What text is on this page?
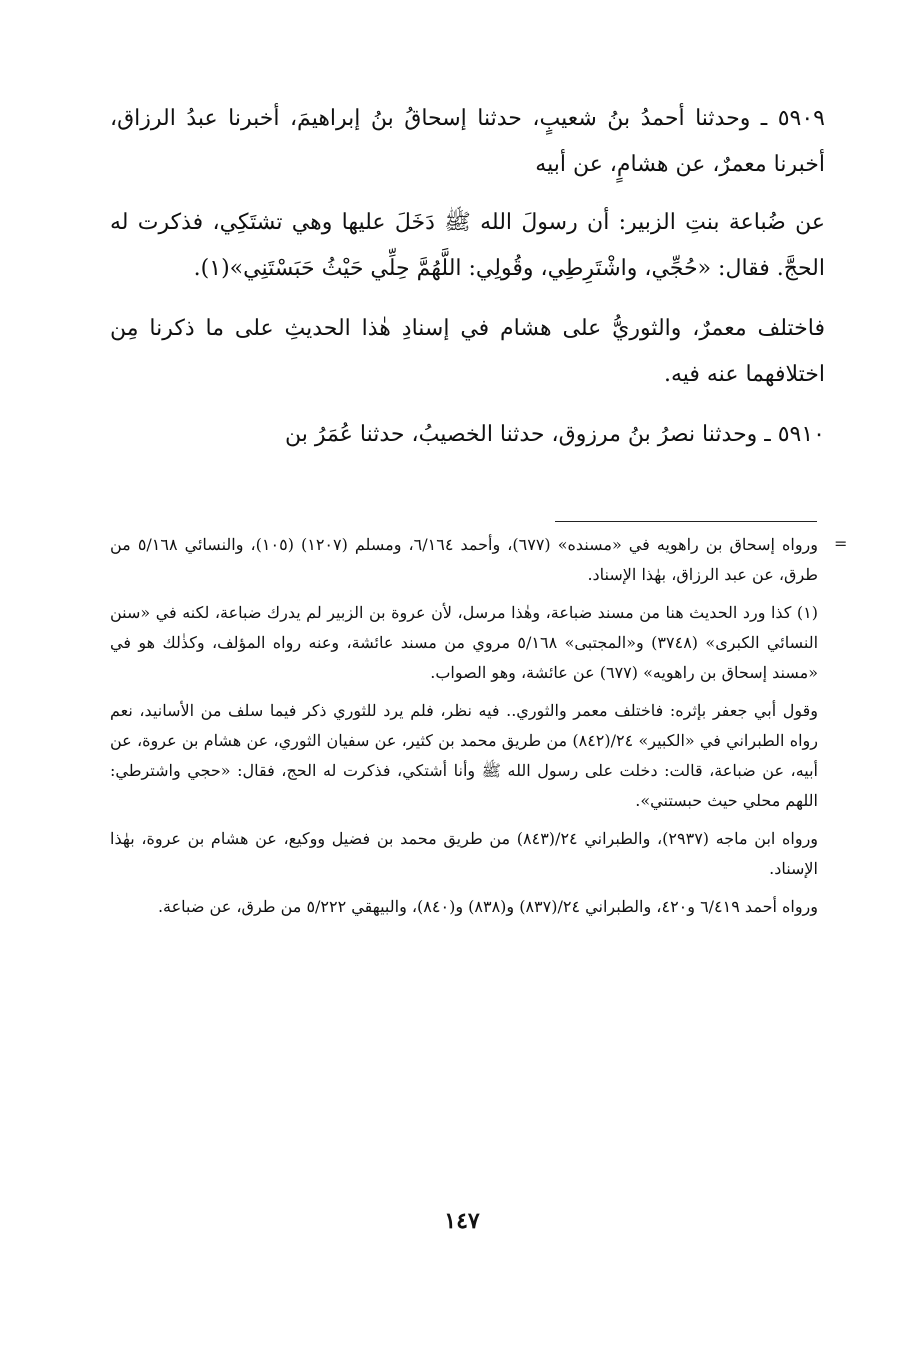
٥٩٠٩ ـ وحدثنا أحمدُ بنُ شعيبٍ، حدثنا إسحاقُ بنُ إبراهيمَ، أخبرنا عبدُ الرزاق، أخبرنا معمرٌ، عن هشامٍ، عن أبيه

عن ضُباعة بنتِ الزبير: أن رسولَ الله ﷺ دَخَلَ عليها وهي تشتَكِي، فذكرت له الحجَّ. فقال: «حُجِّي، واشْتَرِطِي، وقُولِي: اللَّهُمَّ حِلِّي حَيْثُ حَبَسْتَنِي»(١).

فاختلف معمرٌ، والثوريُّ على هشام في إسنادِ هٰذا الحديثِ على ما ذكرنا مِن اختلافهما عنه فيه.

٥٩١٠ ـ وحدثنا نصرُ بنُ مرزوق، حدثنا الخصيبُ، حدثنا عُمَرُ بن

=

ورواه إسحاق بن راهويه في «مسنده» (٦٧٧)، وأحمد ٦/١٦٤، ومسلم (١٢٠٧) (١٠٥)، والنسائي ٥/١٦٨ من طرق، عن عبد الرزاق، بهٰذا الإسناد.

(١) كذا ورد الحديث هنا من مسند ضباعة، وهٰذا مرسل، لأن عروة بن الزبير لم يدرك ضباعة، لكنه في «سنن النسائي الكبرى» (٣٧٤٨) و«المجتبى» ٥/١٦٨ مروي من مسند عائشة، وعنه رواه المؤلف، وكذٰلك هو في «مسند إسحاق بن راهويه» (٦٧٧) عن عائشة، وهو الصواب.

وقول أبي جعفر بإثره: فاختلف معمر والثوري.. فيه نظر، فلم يرد للثوري ذكر فيما سلف من الأسانيد، نعم رواه الطبراني في «الكبير» ٢٤/(٨٤٢) من طريق محمد بن كثير، عن سفيان الثوري، عن هشام بن عروة، عن أبيه، عن ضباعة، قالت: دخلت على رسول الله ﷺ وأنا أشتكي، فذكرت له الحج، فقال: «حجي واشترطي: اللهم محلي حيث حبستني».

ورواه ابن ماجه (٢٩٣٧)، والطبراني ٢٤/(٨٤٣) من طريق محمد بن فضيل ووكيع، عن هشام بن عروة، بهٰذا الإسناد.

ورواه أحمد ٦/٤١٩ و٤٢٠، والطبراني ٢٤/(٨٣٧) و(٨٣٨) و(٨٤٠)، والبيهقي ٥/٢٢٢ من طرق، عن ضباعة.

١٤٧
